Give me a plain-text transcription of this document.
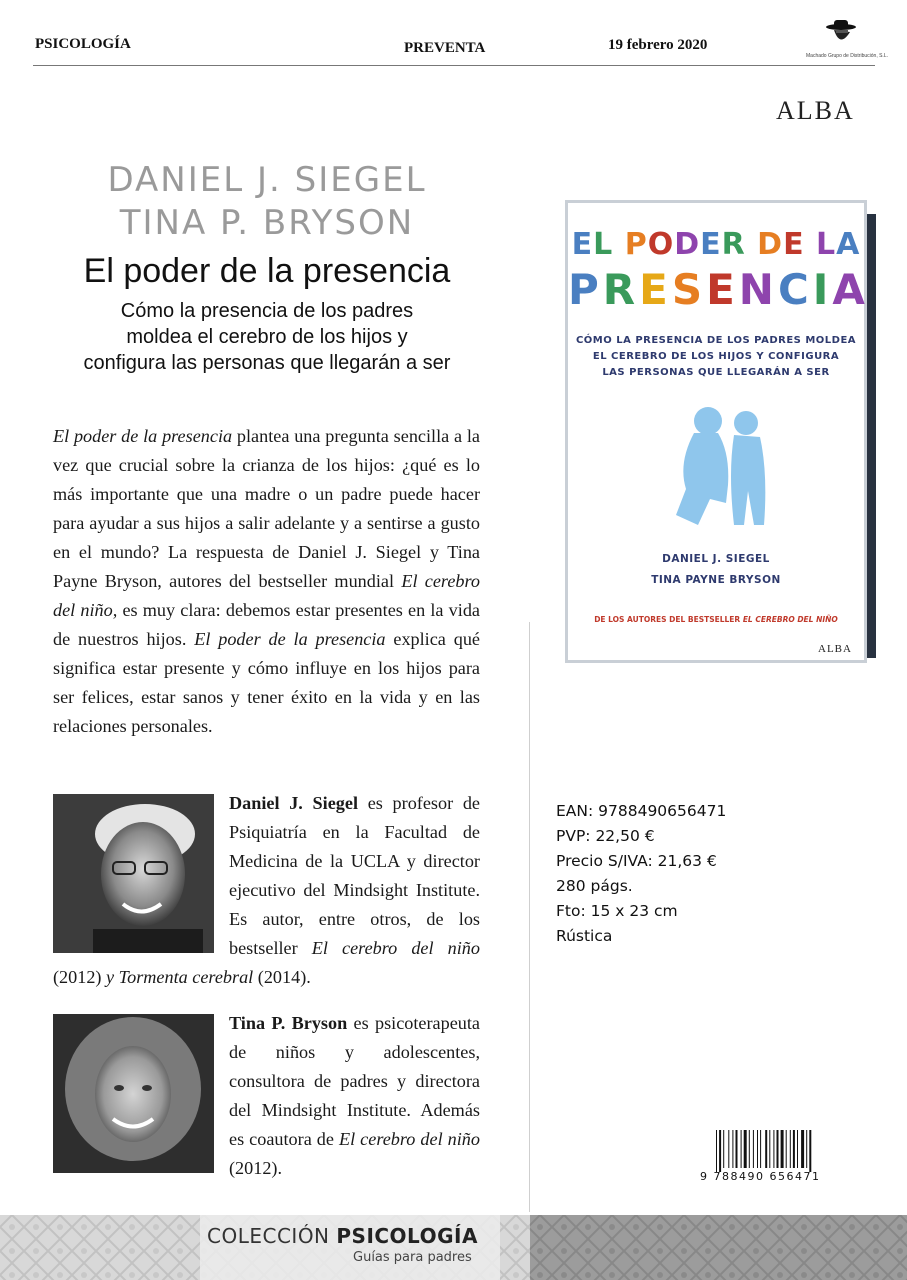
PSICOLOGÍA	PREVENTA	19 febrero 2020
Machado Grupo de Distribución, S.L.
ALBA
DANIEL J. SIEGEL
TINA P. BRYSON
El poder de la presencia
Cómo la presencia de los padres
moldea el cerebro de los hijos y
configura las personas que llegarán a ser
El poder de la presencia plantea una pregunta sencilla a la vez que crucial sobre la crianza de los hijos: ¿qué es lo más importante que una madre o un padre puede hacer para ayudar a sus hijos a salir adelante y a sentirse a gusto en el mundo? La respuesta de Daniel J. Siegel y Tina Payne Bryson, autores del bestseller mundial El cerebro del niño, es muy clara: debemos estar presentes en la vida de nuestros hijos. El poder de la presencia explica qué significa estar presente y cómo influye en los hijos para ser felices, estar sanos y tener éxito en la vida y en las relaciones personales.
Daniel J. Siegel es profesor de Psiquiatría en la Facultad de Medicina de la UCLA y director ejecutivo del Mindsight Institute. Es autor, entre otros, de los bestseller El cerebro del niño (2012) y Tormenta cerebral (2014).
Tina P. Bryson es psicoterapeuta de niños y adolescentes, consultora de padres y directora del Mindsight Institute. Además es coautora de El cerebro del niño (2012).
EL PODER DE LA
PRESENCIA
CÓMO LA PRESENCIA DE LOS PADRES MOLDEA
EL CEREBRO DE LOS HIJOS Y CONFIGURA
LAS PERSONAS QUE LLEGARÁN A SER
DANIEL J. SIEGEL
TINA PAYNE BRYSON
DE LOS AUTORES DEL BESTSELLER EL CEREBRO DEL NIÑO
ALBA
EAN: 9788490656471
PVP: 22,50 €
Precio S/IVA: 21,63 €
280 págs.
Fto: 15 x 23 cm
Rústica
9 788490 656471
COLECCIÓN PSICOLOGÍA
Guías para padres
